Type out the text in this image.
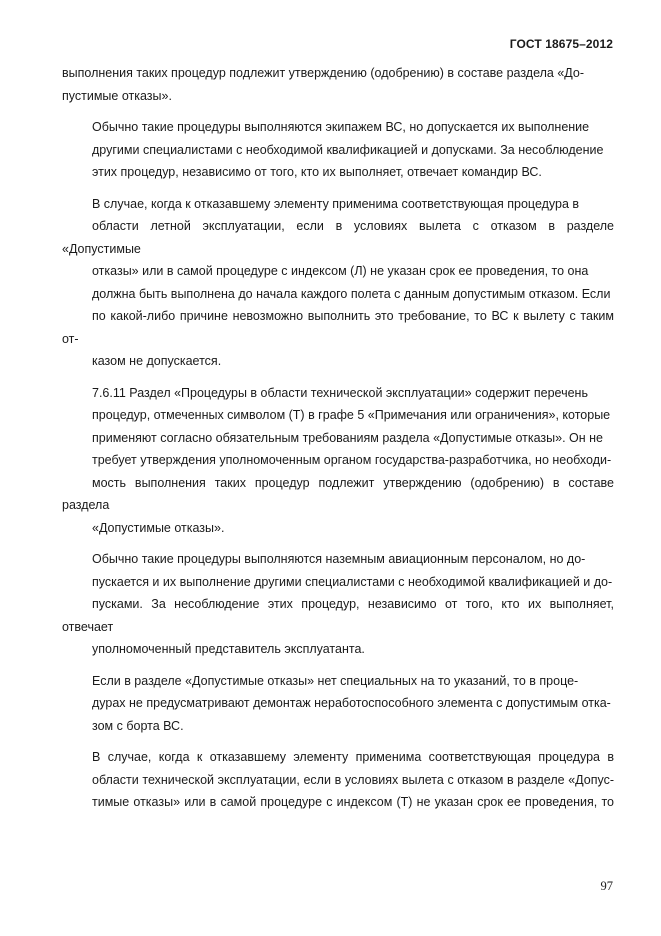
ГОСТ 18675–2012

выполнения таких процедур подлежит утверждению (одобрению) в составе раздела «До-
пустимые отказы».

Обычно такие процедуры выполняются экипажем ВС, но допускается их выполнение
другими специалистами с необходимой квалификацией и допусками. За несоблюдение
этих процедур, независимо от того, кто их выполняет, отвечает командир ВС.

В случае, когда к отказавшему элементу применима соответствующая процедура в
области летной эксплуатации, если в условиях вылета с отказом в разделе «Допустимые
отказы» или в самой процедуре с индексом (Л) не указан срок ее проведения, то она
должна быть выполнена до начала каждого полета с данным допустимым отказом. Если
по какой-либо причине невозможно выполнить это требование, то ВС к вылету с таким от-
казом не допускается.

7.6.11 Раздел «Процедуры в области технической эксплуатации» содержит перечень
процедур, отмеченных символом (Т) в графе 5 «Примечания или ограничения», которые
применяют согласно обязательным требованиям раздела «Допустимые отказы». Он не
требует утверждения уполномоченным органом государства-разработчика, но необходи-
мость выполнения таких процедур подлежит утверждению (одобрению) в составе раздела
«Допустимые отказы».

Обычно такие процедуры выполняются наземным авиационным персоналом, но до-
пускается и их выполнение другими специалистами с необходимой квалификацией и до-
пусками. За несоблюдение этих процедур, независимо от того, кто их выполняет, отвечает
уполномоченный представитель эксплуатанта.

Если в разделе «Допустимые отказы» нет специальных на то указаний, то в проце-
дурах не предусматривают демонтаж неработоспособного элемента с допустимым отка-
зом с борта ВС.

В случае, когда к отказавшему элементу применима соответствующая процедура в
области технической эксплуатации, если в условиях вылета с отказом в разделе «Допус-
тимые отказы» или в самой процедуре с индексом (Т) не указан срок ее проведения, то

97
